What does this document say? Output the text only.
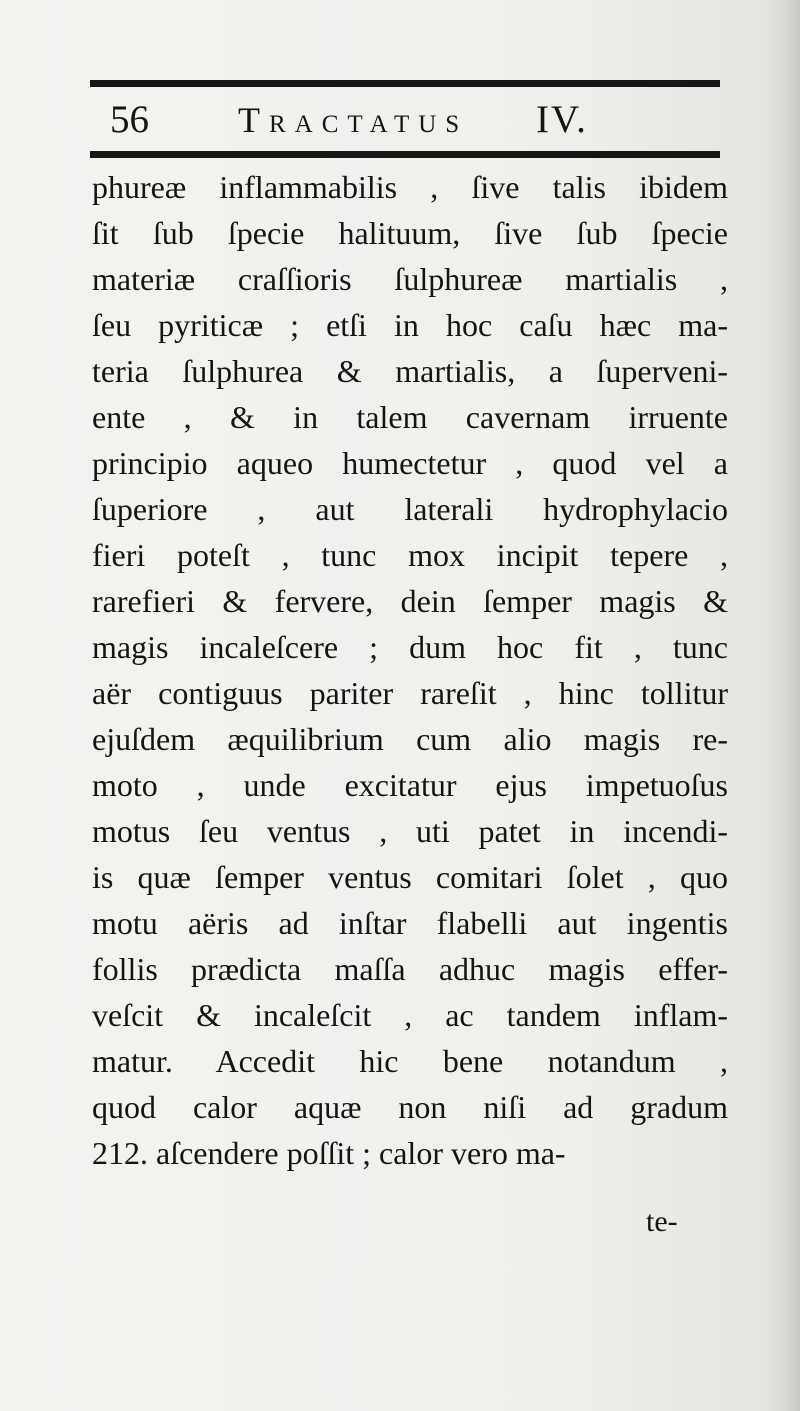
56 Tractatus IV.
phureæ inflammabilis , ſive talis ibidem
ſit ſub ſpecie halituum, ſive ſub ſpecie
materiæ craſſioris ſulphureæ martialis ,
ſeu pyriticæ ; etſi in hoc caſu hæc ma-
teria ſulphurea & martialis, a ſuperveni-
ente , & in talem cavernam irruente
principio aqueo humectetur , quod vel a
ſuperiore , aut laterali hydrophylacio
fieri poteſt , tunc mox incipit tepere ,
rarefieri & fervere, dein ſemper magis &
magis incaleſcere ; dum hoc fit , tunc
aër contiguus pariter rareſit , hinc tollitur
ejuſdem æquilibrium cum alio magis re-
moto , unde excitatur ejus impetuoſus
motus ſeu ventus , uti patet in incendi-
is quæ ſemper ventus comitari ſolet , quo
motu aëris ad inſtar flabelli aut ingentis
follis prædicta maſſa adhuc magis effer-
veſcit & incaleſcit , ac tandem inflam-
matur. Accedit hic bene notandum ,
quod calor aquæ non niſi ad gradum
212. aſcendere poſſit ; calor vero ma-
te-
